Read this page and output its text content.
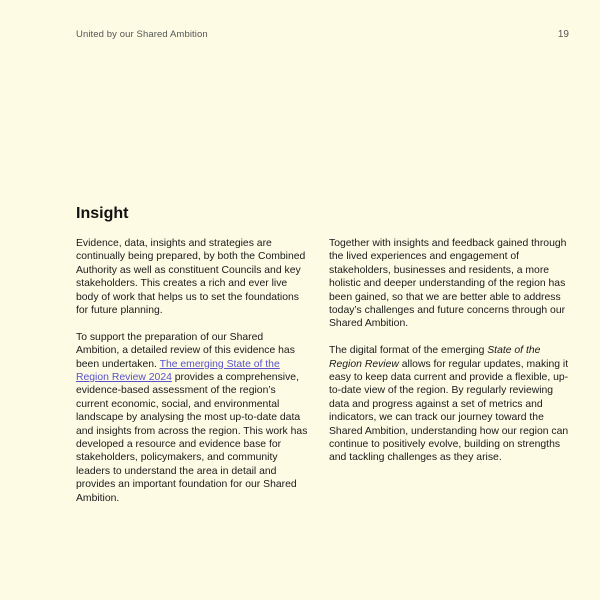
United by our Shared Ambition	19
Insight

Evidence, data, insights and strategies are continually being prepared, by both the Combined Authority as well as constituent Councils and key stakeholders. This creates a rich and ever live body of work that helps us to set the foundations for future planning.

To support the preparation of our Shared Ambition, a detailed review of this evidence has been undertaken. The emerging State of the Region Review 2024 provides a comprehensive, evidence-based assessment of the region’s current economic, social, and environmental landscape by analysing the most up-to-date data and insights from across the region. This work has developed a resource and evidence base for stakeholders, policymakers, and community leaders to understand the area in detail and provides an important foundation for our Shared Ambition.

Together with insights and feedback gained through the lived experiences and engagement of stakeholders, businesses and residents, a more holistic and deeper understanding of the region has been gained, so that we are better able to address today’s challenges and future concerns through our Shared Ambition.

The digital format of the emerging State of the Region Review allows for regular updates, making it easy to keep data current and provide a flexible, up-to-date view of the region. By regularly reviewing data and progress against a set of metrics and indicators, we can track our journey toward the Shared Ambition, understanding how our region can continue to positively evolve, building on strengths and tackling challenges as they arise.
